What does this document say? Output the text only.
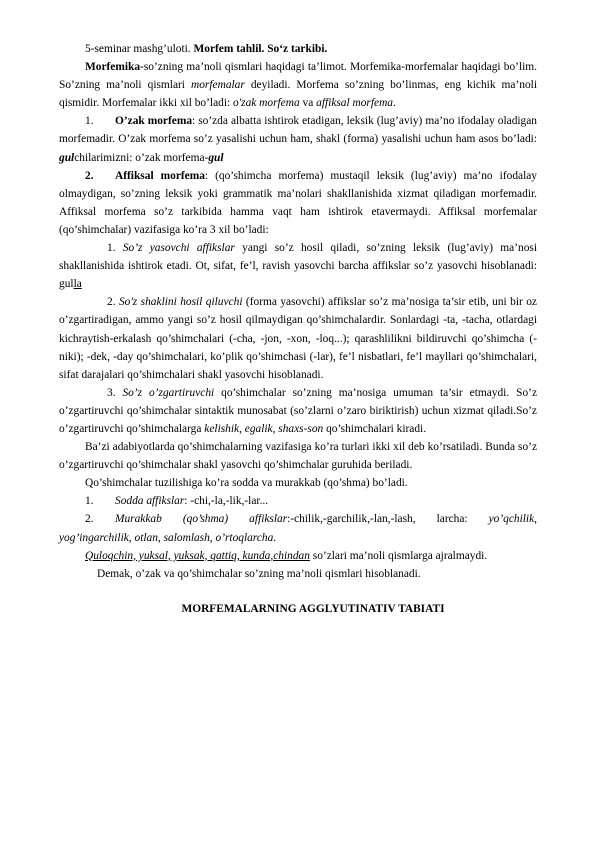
5-seminar mashg’uloti. Morfem tahlil. So‘z tarkibi.

Morfemika-so’zning ma’noli qismlari haqidagi ta’limot. Morfemika-morfemalar haqidagi bo’lim. So’zning ma’noli qismlari morfemalar deyiladi. Morfema so’zning bo’linmas, eng kichik ma’noli qismidir. Morfemalar ikki xil bo’ladi: o'zak morfema va affiksal morfema.

1. O’zak morfema: so’zda albatta ishtirok etadigan, leksik (lug’aviy) ma’no ifodalay oladigan morfemadir. O’zak morfema so’z yasalishi uchun ham, shakl (forma) yasalishi uchun ham asos bo’ladi: gulchilarimizni: o’zak morfema-gul

2. Affiksal morfema: (qo’shimcha morfema) mustaqil leksik (lug’aviy) ma’no ifodalay olmaydigan, so’zning leksik yoki grammatik ma’nolari shakllanishida xizmat qiladigan morfemadir. Affiksal morfema so’z tarkibida hamma vaqt ham ishtirok etavermaydi. Affiksal morfemalar (qo’shimchalar) vazifasiga ko’ra 3 xil bo’ladi:

1. So’z yasovchi affikslar yangi so’z hosil qiladi, so’zning leksik (lug’aviy) ma’nosi shakllanishida ishtirok etadi. Ot, sifat, fe’l, ravish yasovchi barcha affikslar so’z yasovchi hisoblanadi: gulla

2. So'z shaklini hosil qiluvchi (forma yasovchi) affikslar so’z ma’nosiga ta’sir etib, uni bir oz o’zgartiradigan, ammo yangi so’z hosil qilmaydigan qo’shimchalardir. Sonlardagi -ta, -tacha, otlardagi kichraytish-erkalash qo’shimchalari (-cha, -jon, -xon, -loq...); qarashlilikni bildiruvchi qo’shimcha (-niki); -dek, -day qo’shimchalari, ko’plik qo’shimchasi (-lar), fe’l nisbatlari, fe’l mayllari qo’shimchalari, sifat darajalari qo’shimchalari shakl yasovchi hisoblanadi.

3. So’z o’zgartiruvchi qo’shimchalar so’zning ma’nosiga umuman ta’sir etmaydi. So’z o’zgartiruvchi qo’shimchalar sintaktik munosabat (so’zlarni o’zaro biriktirish) uchun xizmat qiladi.So’z o’zgartiruvchi qo’shimchalarga kelishik, egalik, shaxs-son qo’shimchalari kiradi.

Ba’zi adabiyotlarda qo’shimchalarning vazifasiga ko’ra turlari ikki xil deb ko’rsatiladi. Bunda so’z o’zgartiruvchi qo’shimchalar shakl yasovchi qo’shimchalar guruhida beriladi.

Qo’shimchalar tuzilishiga ko’ra sodda va murakkab (qo’shma) bo’ladi.

1. Sodda affikslar: -chi,-la,-lik,-lar...

2. Murakkab (qo’shma) affikslar:-chilik,-garchilik,-lan,-lash, larcha: yo’qchilik, yog’ingarchilik, otlan, salomlash, o’rtoqlarcha.

Quloqchin, yuksal, yuksak, qattiq, kunda,chindan so’zlari ma’noli qismlarga ajralmaydi.

Demak, o’zak va qo’shimchalar so’zning ma’noli qismlari hisoblanadi.

MORFEMALARNING AGGLYUTINATIV TABIATI
